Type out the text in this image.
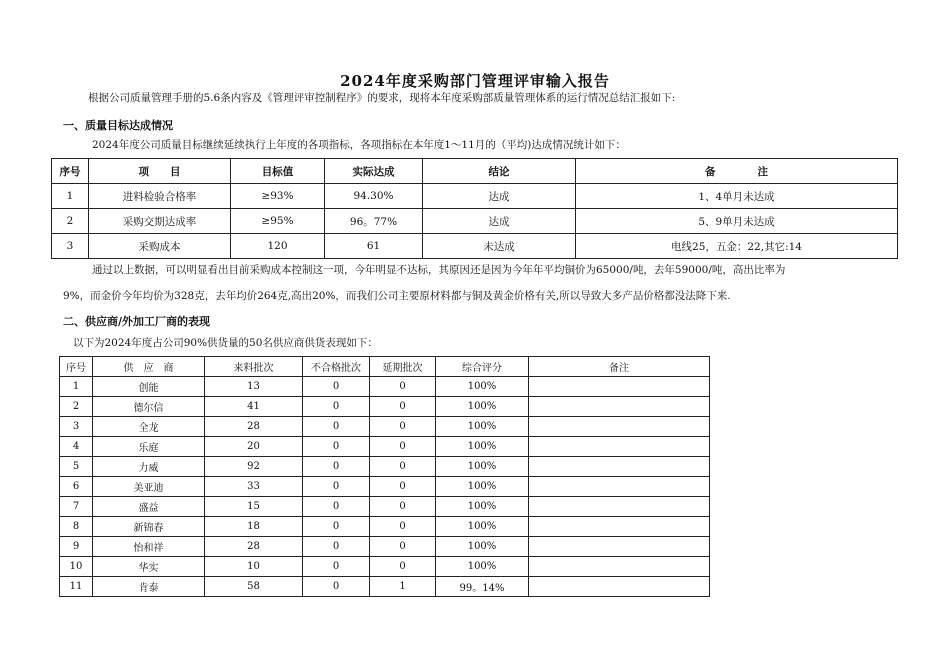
2024年度采购部门管理评审输入报告
根据公司质量管理手册的5.6条内容及《管理评审控制程序》的要求，现将本年度采购部质量管理体系的运行情况总结汇报如下:
一、质量目标达成情况
2024年度公司质量目标继续延续执行上年度的各项指标，各项指标在本年度1～11月的（平均)达成情况统计如下：
序号	项　　目	目标值	实际达成	结论	备　　　　注
1	进料检验合格率	≥93%	94.30%	达成	1、4单月未达成
2	采购交期达成率	≥95%	96。77%	达成	5、9单月未达成
3	采购成本	120	61	未达成	电线25，五金：22,其它:14
通过以上数据，可以明显看出目前采购成本控制这一项，今年明显不达标，其原因还是因为今年年平均铜价为65000/吨，去年59000/吨，高出比率为
9%，而金价今年均价为328克，去年均价264克,高出20%，而我们公司主要原材料都与铜及黄金价格有关,所以导致大多产品价格都没法降下来.
二、供应商/外加工厂商的表现
以下为2024年度占公司90%供货量的50名供应商供货表现如下：
序号	供　应　商	来料批次	不合格批次	延期批次	综合评分	备注
1	创能	13	0	0	100%	
2	德尔信	41	0	0	100%	
3	全龙	28	0	0	100%	
4	乐庭	20	0	0	100%	
5	力威	92	0	0	100%	
6	美亚迪	33	0	0	100%	
7	盛益	15	0	0	100%	
8	新锦春	18	0	0	100%	
9	怡和祥	28	0	0	100%	
10	华实	10	0	0	100%	
11	肯泰	58	0	1	99。14%	
